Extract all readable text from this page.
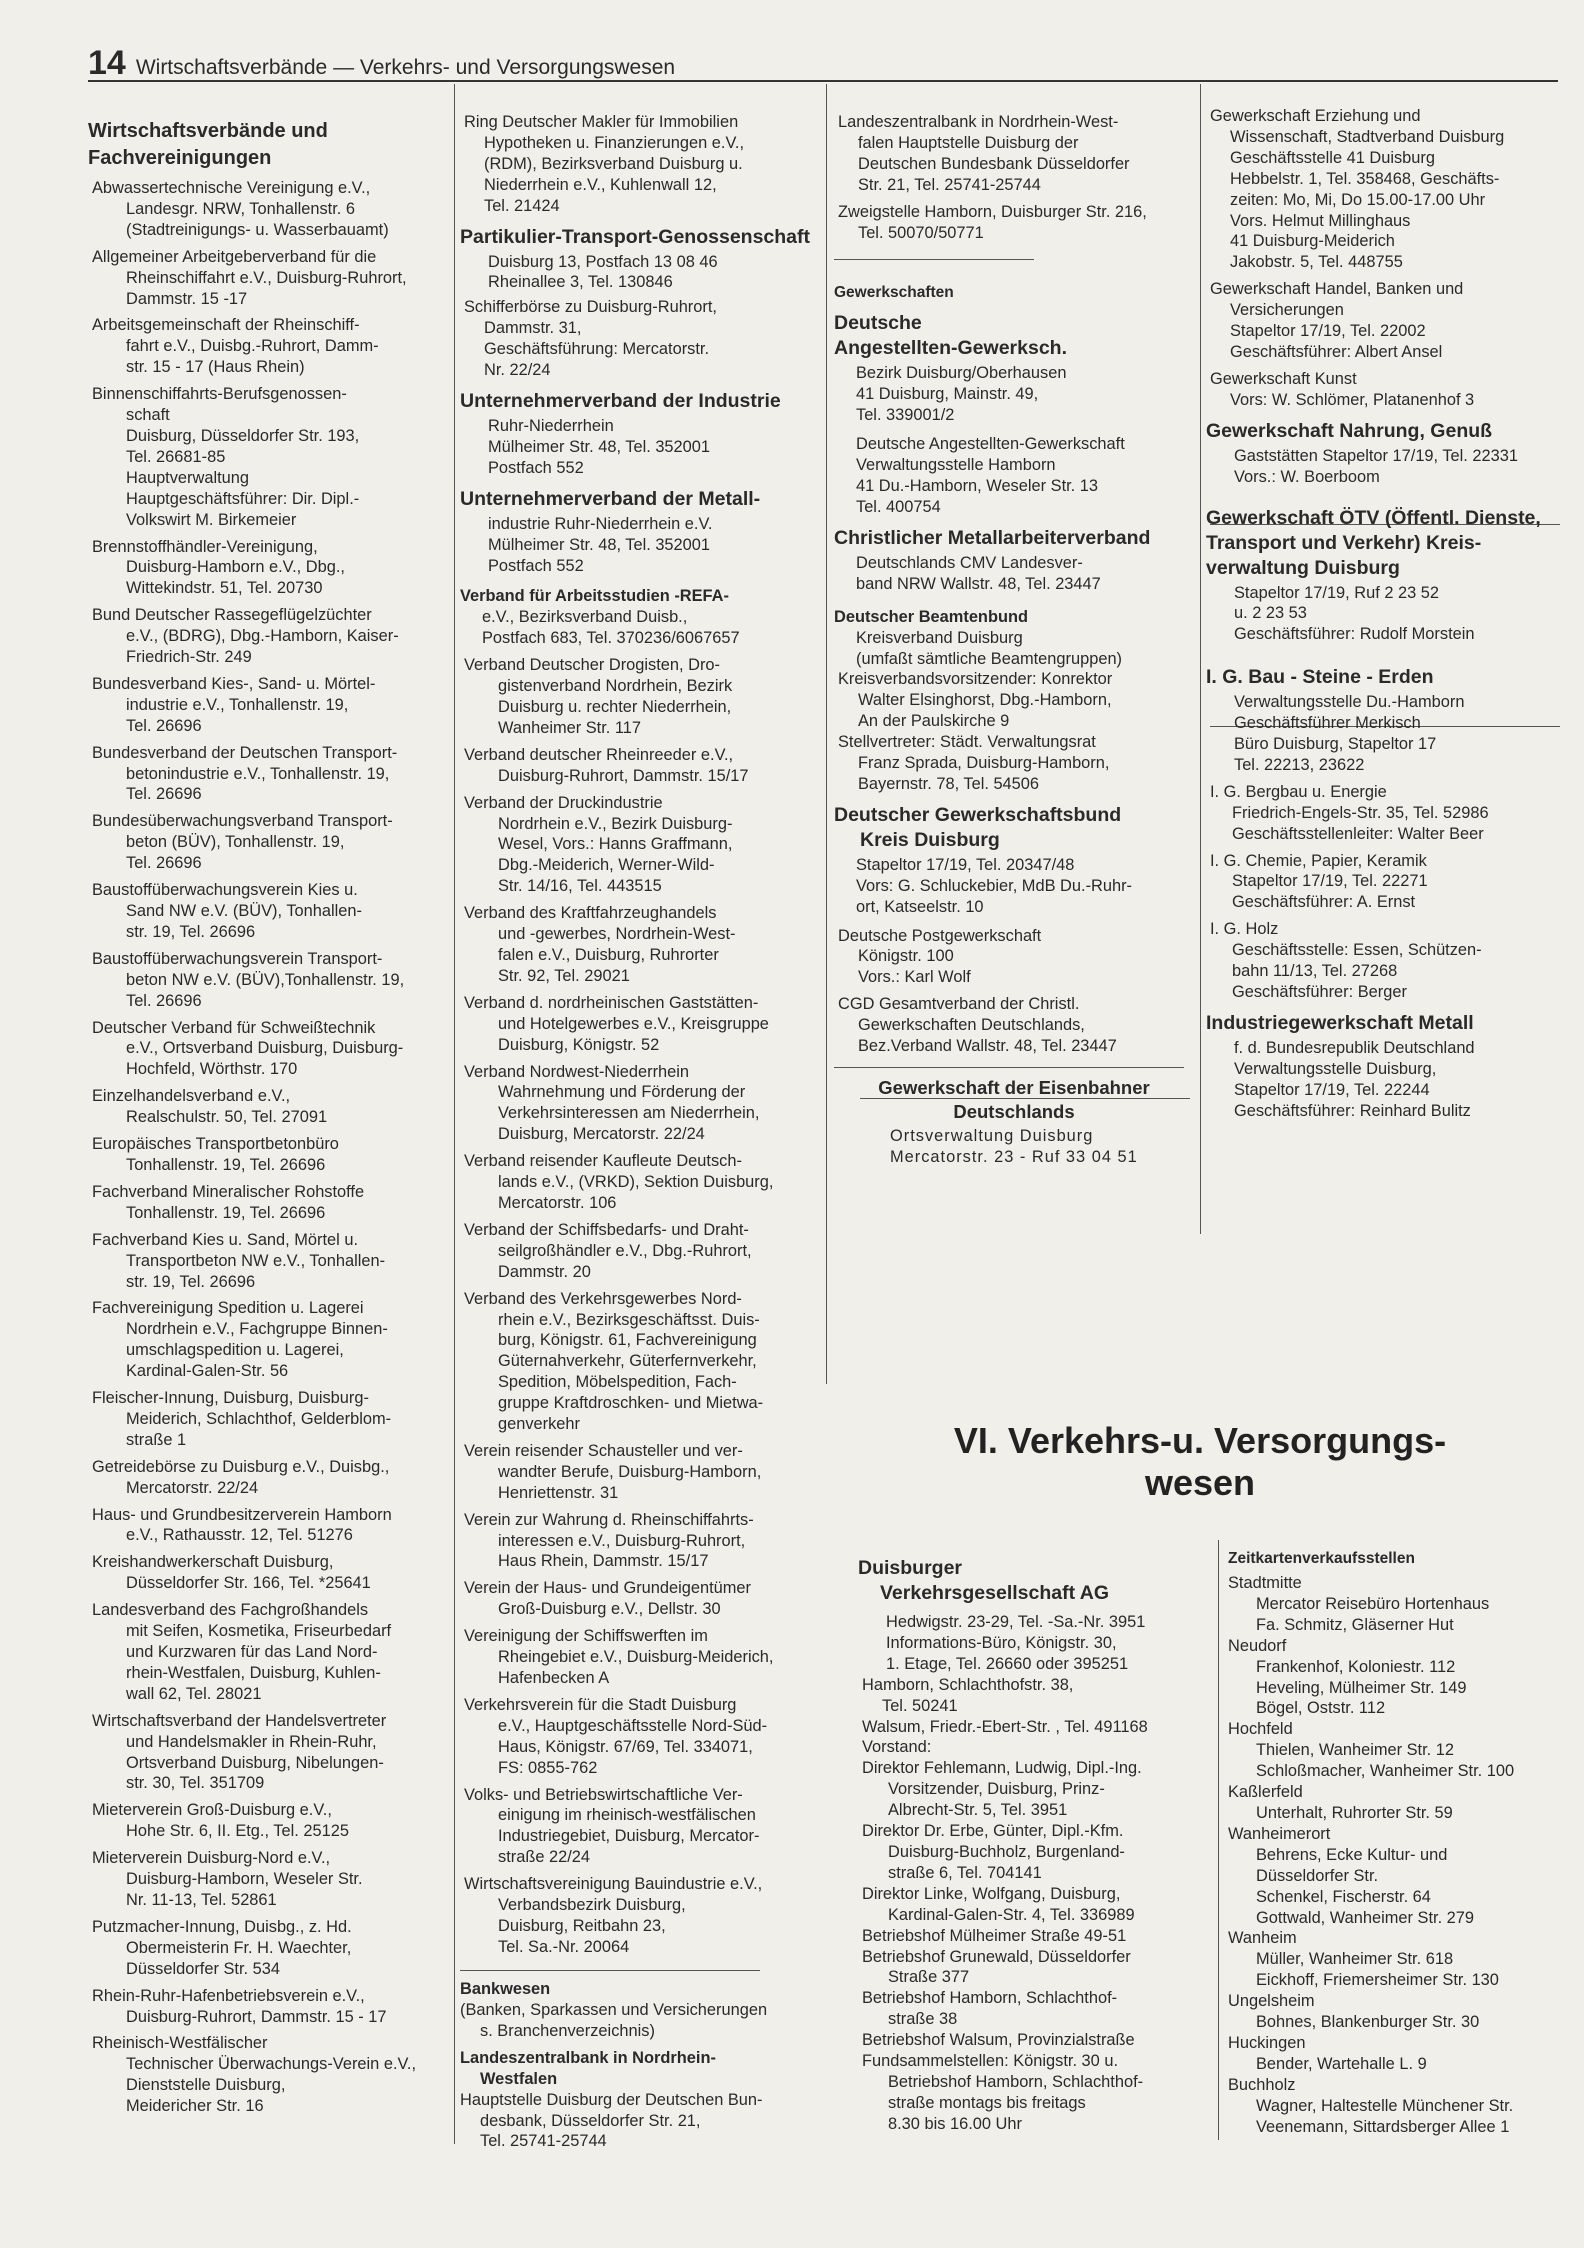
14 Wirtschaftsverbände — Verkehrs- und Versorgungswesen
Wirtschaftsverbände und
Fachvereinigungen
Abwassertechnische Vereinigung e.V.,
Landesgr. NRW, Tonhallenstr. 6
(Stadtreinigungs- u. Wasserbauamt)
Allgemeiner Arbeitgeberverband für die
Rheinschiffahrt e.V., Duisburg-Ruhrort,
Dammstr. 15 -17
Arbeitsgemeinschaft der Rheinschiff-
fahrt e.V., Duisbg.-Ruhrort, Damm-
str. 15 - 17 (Haus Rhein)
Binnenschiffahrts-Berufsgenossen-
schaft
Duisburg, Düsseldorfer Str. 193,
Tel. 26681-85
Hauptverwaltung
Hauptgeschäftsführer: Dir. Dipl.-
Volkswirt M. Birkemeier
Brennstoffhändler-Vereinigung,
Duisburg-Hamborn e.V., Dbg.,
Wittekindstr. 51, Tel. 20730
Bund Deutscher Rassegeflügelzüchter
e.V., (BDRG), Dbg.-Hamborn, Kaiser-
Friedrich-Str. 249
Bundesverband Kies-, Sand- u. Mörtel-
industrie e.V., Tonhallenstr. 19,
Tel. 26696
Bundesverband der Deutschen Transport-
betonindustrie e.V., Tonhallenstr. 19,
Tel. 26696
Bundesüberwachungsverband Transport-
beton (BÜV), Tonhallenstr. 19,
Tel. 26696
Baustoffüberwachungsverein Kies u.
Sand NW e.V. (BÜV), Tonhallen-
str. 19, Tel. 26696
Baustoffüberwachungsverein Transport-
beton NW e.V. (BÜV),Tonhallenstr. 19,
Tel. 26696
Deutscher Verband für Schweißtechnik
e.V., Ortsverband Duisburg, Duisburg-
Hochfeld, Wörthstr. 170
Einzelhandelsverband e.V.,
Realschulstr. 50, Tel. 27091
Europäisches Transportbetonbüro
Tonhallenstr. 19, Tel. 26696
Fachverband Mineralischer Rohstoffe
Tonhallenstr. 19, Tel. 26696
Fachverband Kies u. Sand, Mörtel u.
Transportbeton NW e.V., Tonhallen-
str. 19, Tel. 26696
Fachvereinigung Spedition u. Lagerei
Nordrhein e.V., Fachgruppe Binnen-
umschlagspedition u. Lagerei,
Kardinal-Galen-Str. 56
Fleischer-Innung, Duisburg, Duisburg-
Meiderich, Schlachthof, Gelderblom-
straße 1
Getreidebörse zu Duisburg e.V., Duisbg.,
Mercatorstr. 22/24
Haus- und Grundbesitzerverein Hamborn
e.V., Rathausstr. 12, Tel. 51276
Kreishandwerkerschaft Duisburg,
Düsseldorfer Str. 166, Tel. *25641
Landesverband des Fachgroßhandels
mit Seifen, Kosmetika, Friseurbedarf
und Kurzwaren für das Land Nord-
rhein-Westfalen, Duisburg, Kuhlen-
wall 62, Tel. 28021
Wirtschaftsverband der Handelsvertreter
und Handelsmakler in Rhein-Ruhr,
Ortsverband Duisburg, Nibelungen-
str. 30, Tel. 351709
Mieterverein Groß-Duisburg e.V.,
Hohe Str. 6, II. Etg., Tel. 25125
Mieterverein Duisburg-Nord e.V.,
Duisburg-Hamborn, Weseler Str.
Nr. 11-13, Tel. 52861
Putzmacher-Innung, Duisbg., z. Hd.
Obermeisterin Fr. H. Waechter,
Düsseldorfer Str. 534
Rhein-Ruhr-Hafenbetriebsverein e.V.,
Duisburg-Ruhrort, Dammstr. 15 - 17
Rheinisch-Westfälischer
Technischer Überwachungs-Verein e.V.,
Dienststelle Duisburg,
Meidericher Str. 16
Ring Deutscher Makler für Immobilien
Hypotheken u. Finanzierungen e.V.,
(RDM), Bezirksverband Duisburg u.
Niederrhein e.V., Kuhlenwall 12,
Tel. 21424
Partikulier-Transport-Genossenschaft
Duisburg 13, Postfach 13 08 46
Rheinallee 3, Tel. 130846
Schifferbörse zu Duisburg-Ruhrort,
Dammstr. 31,
Geschäftsführung: Mercatorstr.
Nr. 22/24
Unternehmerverband der Industrie
Ruhr-Niederrhein
Mülheimer Str. 48, Tel. 352001
Postfach 552
Unternehmerverband der Metall-
industrie Ruhr-Niederrhein e.V.
Mülheimer Str. 48, Tel. 352001
Postfach 552
Verband für Arbeitsstudien -REFA-
e.V., Bezirksverband Duisb.,
Postfach 683, Tel. 370236/6067657
Verband Deutscher Drogisten, Dro-
gistenverband Nordrhein, Bezirk
Duisburg u. rechter Niederrhein,
Wanheimer Str. 117
Verband deutscher Rheinreeder e.V.,
Duisburg-Ruhrort, Dammstr. 15/17
Verband der Druckindustrie
Nordrhein e.V., Bezirk Duisburg-
Wesel, Vors.: Hanns Graffmann,
Dbg.-Meiderich, Werner-Wild-
Str. 14/16, Tel. 443515
Verband des Kraftfahrzeughandels
und -gewerbes, Nordrhein-West-
falen e.V., Duisburg, Ruhrorter
Str. 92, Tel. 29021
Verband d. nordrheinischen Gaststätten-
und Hotelgewerbes e.V., Kreisgruppe
Duisburg, Königstr. 52
Verband Nordwest-Niederrhein
Wahrnehmung und Förderung der
Verkehrsinteressen am Niederrhein,
Duisburg, Mercatorstr. 22/24
Verband reisender Kaufleute Deutsch-
lands e.V., (VRKD), Sektion Duisburg,
Mercatorstr. 106
Verband der Schiffsbedarfs- und Draht-
seilgroßhändler e.V., Dbg.-Ruhrort,
Dammstr. 20
Verband des Verkehrsgewerbes Nord-
rhein e.V., Bezirksgeschäftsst. Duis-
burg, Königstr. 61, Fachvereinigung
Güternahverkehr, Güterfernverkehr,
Spedition, Möbelspedition, Fach-
gruppe Kraftdroschken- und Mietwa-
genverkehr
Verein reisender Schausteller und ver-
wandter Berufe, Duisburg-Hamborn,
Henriettenstr. 31
Verein zur Wahrung d. Rheinschiffahrts-
interessen e.V., Duisburg-Ruhrort,
Haus Rhein, Dammstr. 15/17
Verein der Haus- und Grundeigentümer
Groß-Duisburg e.V., Dellstr. 30
Vereinigung der Schiffswerften im
Rheingebiet e.V., Duisburg-Meiderich,
Hafenbecken A
Verkehrsverein für die Stadt Duisburg
e.V., Hauptgeschäftsstelle Nord-Süd-
Haus, Königstr. 67/69, Tel. 334071,
FS: 0855-762
Volks- und Betriebswirtschaftliche Ver-
einigung im rheinisch-westfälischen
Industriegebiet, Duisburg, Mercator-
straße 22/24
Wirtschaftsvereinigung Bauindustrie e.V.,
Verbandsbezirk Duisburg,
Duisburg, Reitbahn 23,
Tel. Sa.-Nr. 20064
Bankwesen
(Banken, Sparkassen und Versicherungen
s. Branchenverzeichnis)
Landeszentralbank in Nordrhein-
Westfalen
Hauptstelle Duisburg der Deutschen Bun-
desbank, Düsseldorfer Str. 21,
Tel. 25741-25744
Landeszentralbank in Nordrhein-West-
falen Hauptstelle Duisburg der
Deutschen Bundesbank Düsseldorfer
Str. 21, Tel. 25741-25744
Zweigstelle Hamborn, Duisburger Str. 216,
Tel. 50070/50771
Gewerkschaften
Deutsche
Angestellten-Gewerksch.
Bezirk Duisburg/Oberhausen
41 Duisburg, Mainstr. 49,
Tel. 339001/2
Deutsche Angestellten-Gewerkschaft
Verwaltungsstelle Hamborn
41 Du.-Hamborn, Weseler Str. 13
Tel. 400754
Christlicher Metallarbeiterverband
Deutschlands CMV Landesver-
band NRW Wallstr. 48, Tel. 23447
Deutscher Beamtenbund
Kreisverband Duisburg
(umfaßt sämtliche Beamtengruppen)
Kreisverbandsvorsitzender: Konrektor
Walter Elsinghorst, Dbg.-Hamborn,
An der Paulskirche 9
Stellvertreter: Städt. Verwaltungsrat
Franz Sprada, Duisburg-Hamborn,
Bayernstr. 78, Tel. 54506
Deutscher Gewerkschaftsbund
Kreis Duisburg
Stapeltor 17/19, Tel. 20347/48
Vors: G. Schluckebier, MdB Du.-Ruhr-
ort, Katseelstr. 10
Deutsche Postgewerkschaft
Königstr. 100
Vors.: Karl Wolf
CGD Gesamtverband der Christl.
Gewerkschaften Deutschlands,
Bez.Verband Wallstr. 48, Tel. 23447
Gewerkschaft der Eisenbahner
Deutschlands
Ortsverwaltung Duisburg
Mercatorstr. 23 - Ruf 33 04 51
Gewerkschaft Erziehung und
Wissenschaft, Stadtverband Duisburg
Geschäftsstelle 41 Duisburg
Hebbelstr. 1, Tel. 358468, Geschäfts-
zeiten: Mo, Mi, Do 15.00-17.00 Uhr
Vors. Helmut Millinghaus
41 Duisburg-Meiderich
Jakobstr. 5, Tel. 448755
Gewerkschaft Handel, Banken und
Versicherungen
Stapeltor 17/19, Tel. 22002
Geschäftsführer: Albert Ansel
Gewerkschaft Kunst
Vors: W. Schlömer, Platanenhof 3
Gewerkschaft Nahrung, Genuß
Gaststätten Stapeltor 17/19, Tel. 22331
Vors.: W. Boerboom
Gewerkschaft ÖTV (Öffentl. Dienste,
Transport und Verkehr) Kreis-
verwaltung Duisburg
Stapeltor 17/19, Ruf 2 23 52
u. 2 23 53
Geschäftsführer: Rudolf Morstein
I. G. Bau - Steine - Erden
Verwaltungsstelle Du.-Hamborn
Geschäftsführer Merkisch
Büro Duisburg, Stapeltor 17
Tel. 22213, 23622
I. G. Bergbau u. Energie
Friedrich-Engels-Str. 35, Tel. 52986
Geschäftsstellenleiter: Walter Beer
I. G. Chemie, Papier, Keramik
Stapeltor 17/19, Tel. 22271
Geschäftsführer: A. Ernst
I. G. Holz
Geschäftsstelle: Essen, Schützen-
bahn 11/13, Tel. 27268
Geschäftsführer: Berger
Industriegewerkschaft Metall
f. d. Bundesrepublik Deutschland
Verwaltungsstelle Duisburg,
Stapeltor 17/19, Tel. 22244
Geschäftsführer: Reinhard Bulitz
VI. Verkehrs-u. Versorgungs-
wesen
Duisburger
Verkehrsgesellschaft AG
Hedwigstr. 23-29, Tel. -Sa.-Nr. 3951
Informations-Büro, Königstr. 30,
1. Etage, Tel. 26660 oder 395251
Hamborn, Schlachthofstr. 38,
Tel. 50241
Walsum, Friedr.-Ebert-Str. , Tel. 491168
Vorstand:
Direktor Fehlemann, Ludwig, Dipl.-Ing.
Vorsitzender, Duisburg, Prinz-
Albrecht-Str. 5, Tel. 3951
Direktor Dr. Erbe, Günter, Dipl.-Kfm.
Duisburg-Buchholz, Burgenland-
straße 6, Tel. 704141
Direktor Linke, Wolfgang, Duisburg,
Kardinal-Galen-Str. 4, Tel. 336989
Betriebshof Mülheimer Straße 49-51
Betriebshof Grunewald, Düsseldorfer
Straße 377
Betriebshof Hamborn, Schlachthof-
straße 38
Betriebshof Walsum, Provinzialstraße
Fundsammelstellen: Königstr. 30 u.
Betriebshof Hamborn, Schlachthof-
straße montags bis freitags
8.30 bis 16.00 Uhr
Zeitkartenverkaufsstellen
Stadtmitte
Mercator Reisebüro Hortenhaus
Fa. Schmitz, Gläserner Hut
Neudorf
Frankenhof, Koloniestr. 112
Heveling, Mülheimer Str. 149
Bögel, Oststr. 112
Hochfeld
Thielen, Wanheimer Str. 12
Schloßmacher, Wanheimer Str. 100
Kaßlerfeld
Unterhalt, Ruhrorter Str. 59
Wanheimerort
Behrens, Ecke Kultur- und
Düsseldorfer Str.
Schenkel, Fischerstr. 64
Gottwald, Wanheimer Str. 279
Wanheim
Müller, Wanheimer Str. 618
Eickhoff, Friemersheimer Str. 130
Ungelsheim
Bohnes, Blankenburger Str. 30
Huckingen
Bender, Wartehalle L. 9
Buchholz
Wagner, Haltestelle Münchener Str.
Veenemann, Sittardsberger Allee 1
